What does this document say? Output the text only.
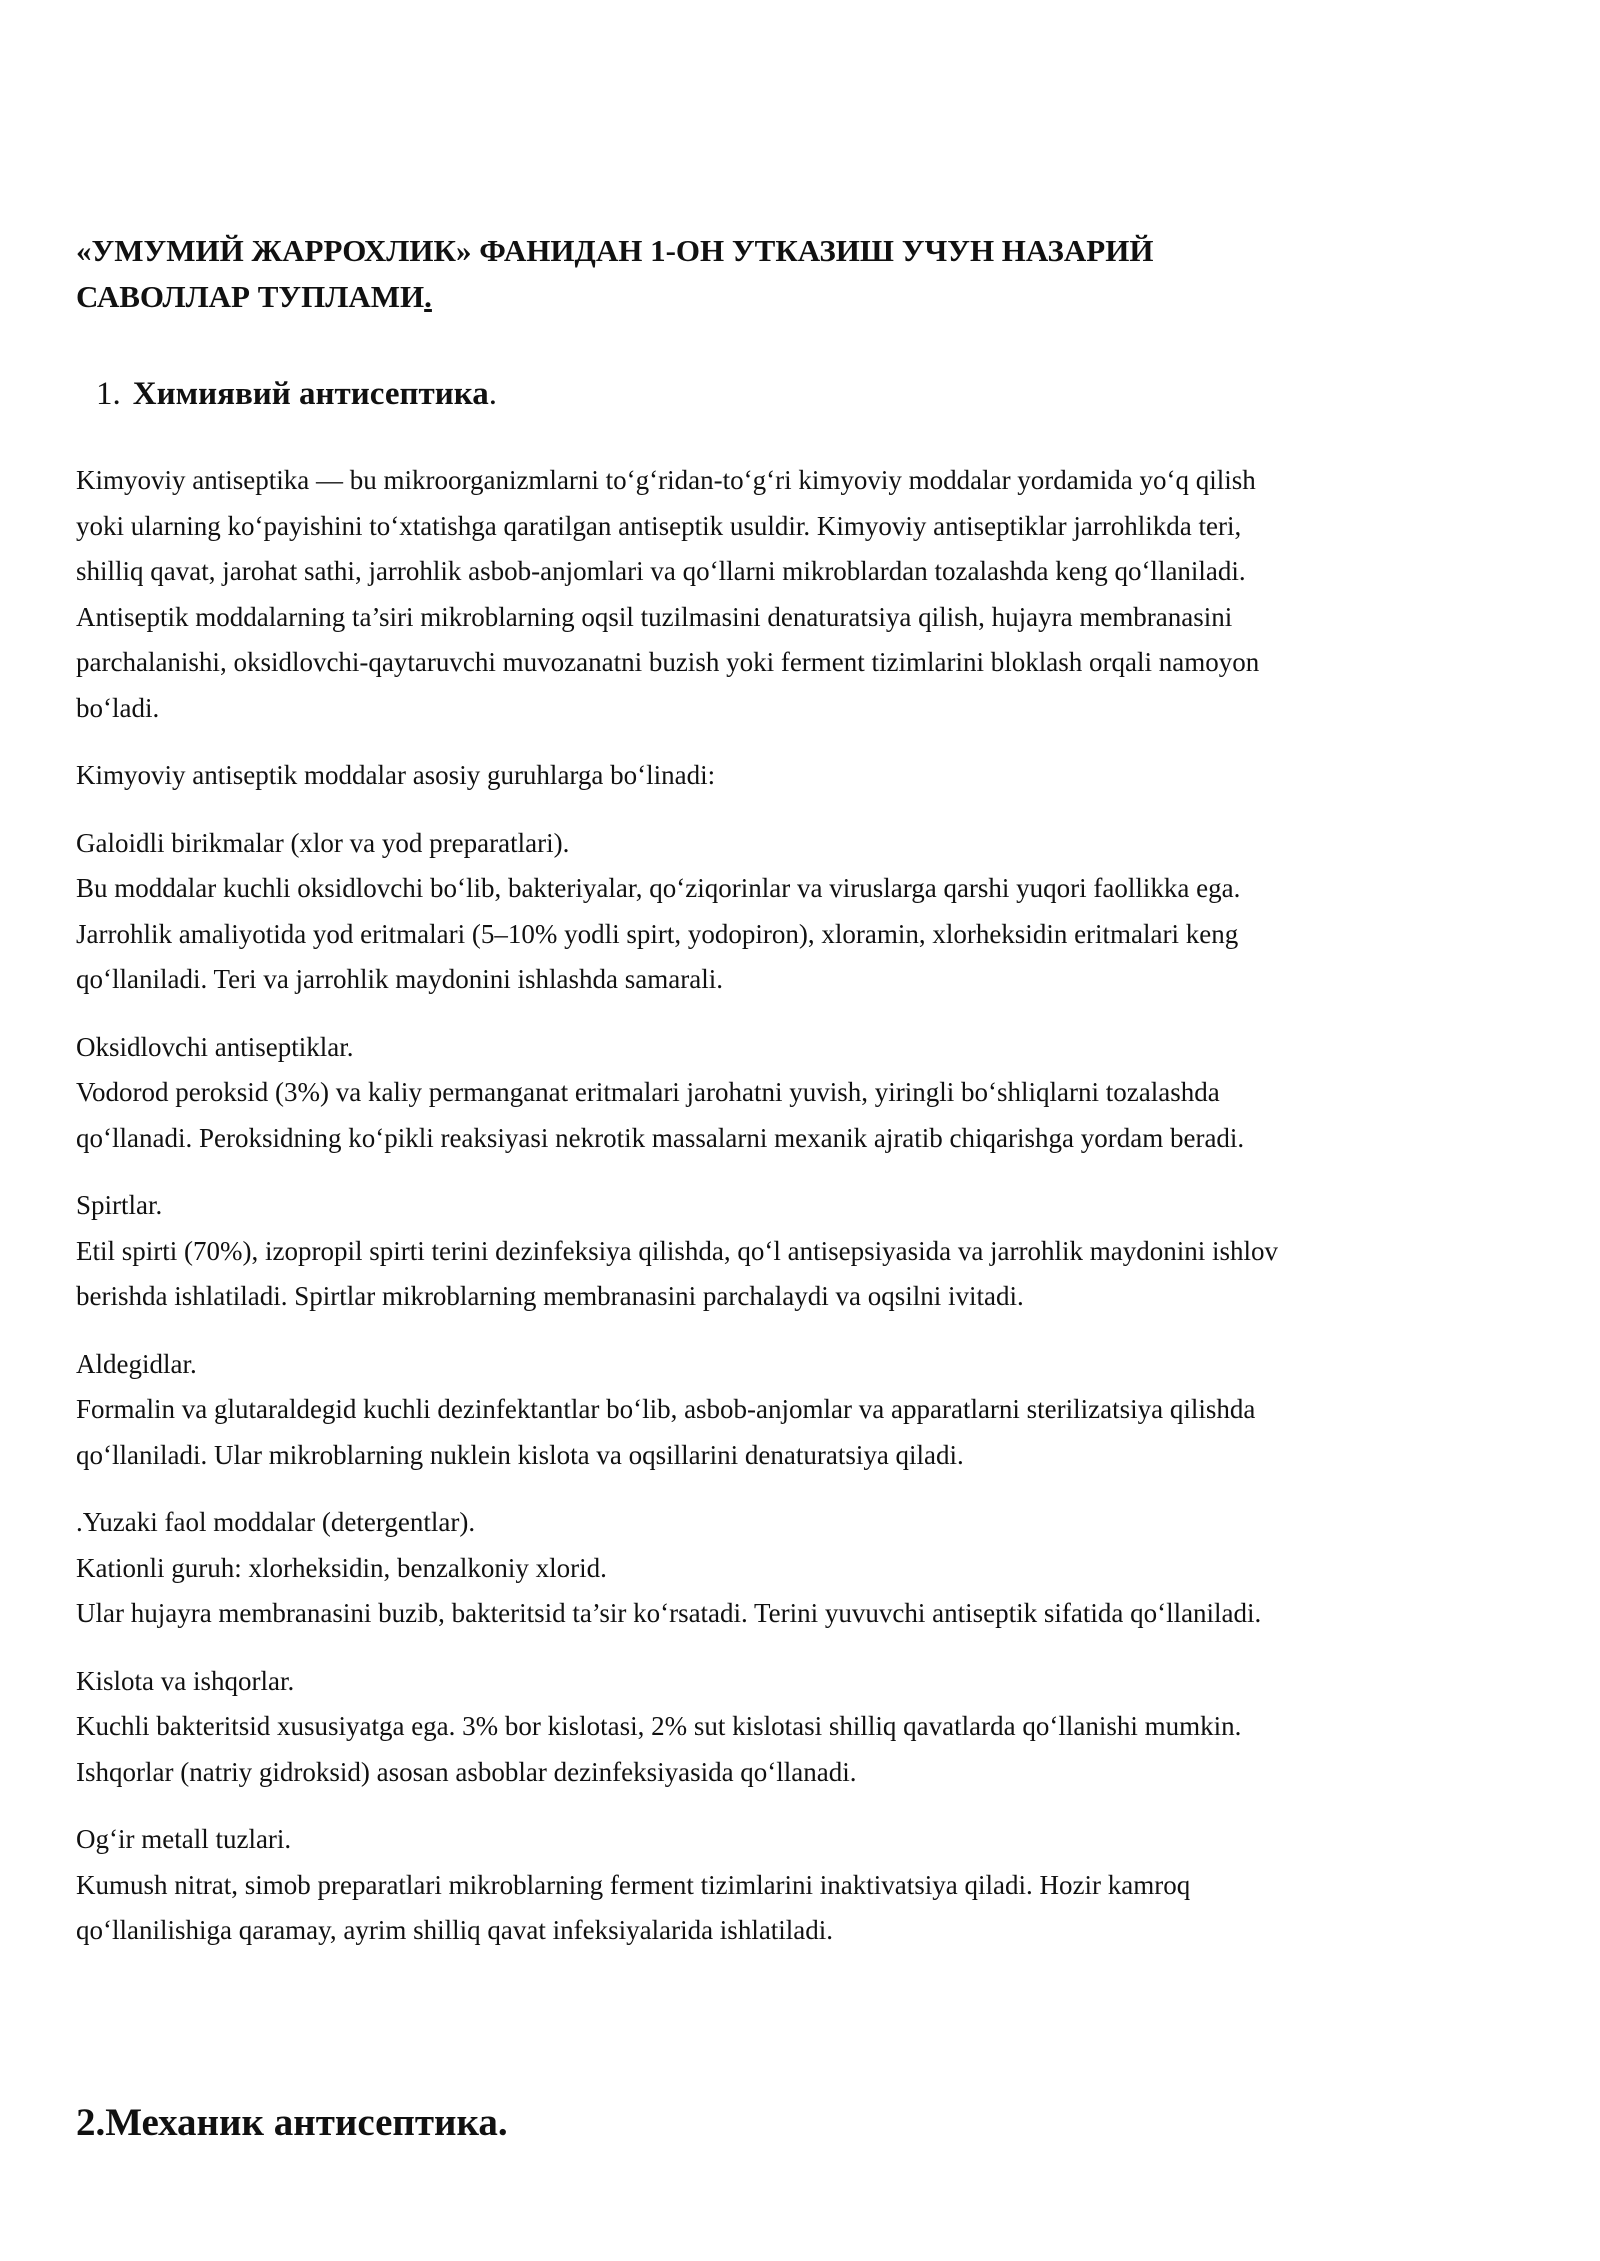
«УМУМИЙ ЖАРРОХЛИК» ФАНИДАН 1-ОН УТКАЗИШ УЧУН НАЗАРИЙ
САВОЛЛАР ТУПЛАМИ.
1. Химиявий антисептика.

Kimyoviy antiseptika — bu mikroorganizmlarni to‘g‘ridan-to‘g‘ri kimyoviy moddalar yordamida yo‘q qilish
yoki ularning ko‘payishini to‘xtatishga qaratilgan antiseptik usuldir. Kimyoviy antiseptiklar jarrohlikda teri,
shilliq qavat, jarohat sathi, jarrohlik asbob-anjomlari va qo‘llarni mikroblardan tozalashda keng qo‘llaniladi.
Antiseptik moddalarning ta’siri mikroblarning oqsil tuzilmasini denaturatsiya qilish, hujayra membranasini
parchalanishi, oksidlovchi-qaytaruvchi muvozanatni buzish yoki ferment tizimlarini bloklash orqali namoyon
bo‘ladi.

Kimyoviy antiseptik moddalar asosiy guruhlarga bo‘linadi:

Galoidli birikmalar (xlor va yod preparatlari).
Bu moddalar kuchli oksidlovchi bo‘lib, bakteriyalar, qo‘ziqorinlar va viruslarga qarshi yuqori faollikka ega.
Jarrohlik amaliyotida yod eritmalari (5–10% yodli spirt, yodopiron), xloramin, xlorheksidin eritmalari keng
qo‘llaniladi. Teri va jarrohlik maydonini ishlashda samarali.

Oksidlovchi antiseptiklar.
Vodorod peroksid (3%) va kaliy permanganat eritmalari jarohatni yuvish, yiringli bo‘shliqlarni tozalashda
qo‘llanadi. Peroksidning ko‘pikli reaksiyasi nekrotik massalarni mexanik ajratib chiqarishga yordam beradi.

Spirtlar.
Etil spirti (70%), izopropil spirti terini dezinfeksiya qilishda, qo‘l antisepsiyasida va jarrohlik maydonini ishlov
berishda ishlatiladi. Spirtlar mikroblarning membranasini parchalaydi va oqsilni ivitadi.

Aldegidlar.
Formalin va glutaraldegid kuchli dezinfektantlar bo‘lib, asbob-anjomlar va apparatlarni sterilizatsiya qilishda
qo‘llaniladi. Ular mikroblarning nuklein kislota va oqsillarini denaturatsiya qiladi.

.Yuzaki faol moddalar (detergentlar).
Kationli guruh: xlorheksidin, benzalkoniy xlorid.
Ular hujayra membranasini buzib, bakteritsid ta’sir ko‘rsatadi. Terini yuvuvchi antiseptik sifatida qo‘llaniladi.

Kislota va ishqorlar.
Kuchli bakteritsid xususiyatga ega. 3% bor kislotasi, 2% sut kislotasi shilliq qavatlarda qo‘llanishi mumkin.
Ishqorlar (natriy gidroksid) asosan asboblar dezinfeksiyasida qo‘llanadi.

Og‘ir metall tuzlari.
Kumush nitrat, simob preparatlari mikroblarning ferment tizimlarini inaktivatsiya qiladi. Hozir kamroq
qo‘llanilishiga qaramay, ayrim shilliq qavat infeksiyalarida ishlatiladi.

2.Механик антисептика.
